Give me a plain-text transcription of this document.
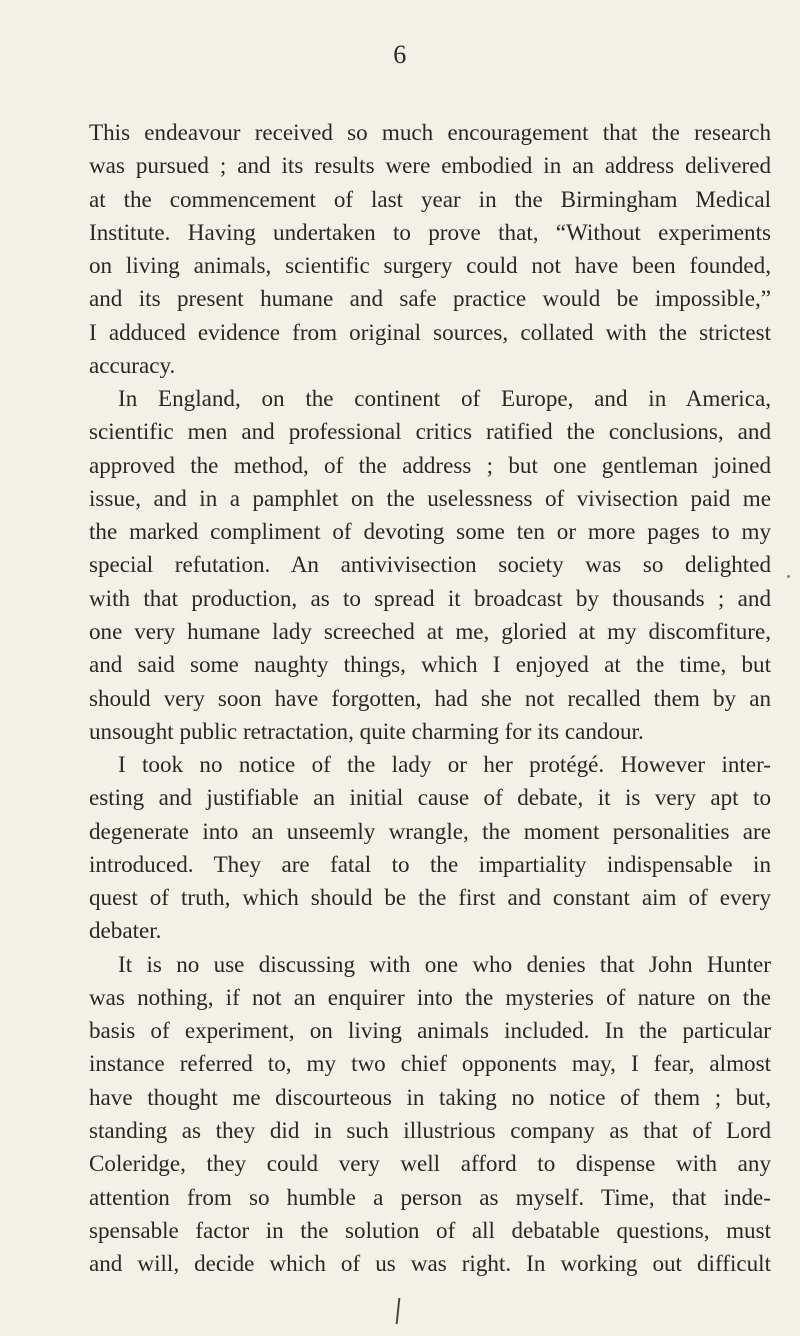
6
This endeavour received so much encouragement that the research
was pursued ; and its results were embodied in an address delivered
at the commencement of last year in the Birmingham Medical
Institute. Having undertaken to prove that, “Without experiments
on living animals, scientific surgery could not have been founded,
and its present humane and safe practice would be impossible,”
I adduced evidence from original sources, collated with the strictest
accuracy.
In England, on the continent of Europe, and in America,
scientific men and professional critics ratified the conclusions, and
approved the method, of the address ; but one gentleman joined
issue, and in a pamphlet on the uselessness of vivisection paid me
the marked compliment of devoting some ten or more pages to my
special refutation. An antivivisection society was so delighted
with that production, as to spread it broadcast by thousands ; and
one very humane lady screeched at me, gloried at my discomfiture,
and said some naughty things, which I enjoyed at the time, but
should very soon have forgotten, had she not recalled them by an
unsought public retractation, quite charming for its candour.
I took no notice of the lady or her protégé. However inter-
esting and justifiable an initial cause of debate, it is very apt to
degenerate into an unseemly wrangle, the moment personalities are
introduced. They are fatal to the impartiality indispensable in
quest of truth, which should be the first and constant aim of every
debater.
It is no use discussing with one who denies that John Hunter
was nothing, if not an enquirer into the mysteries of nature on the
basis of experiment, on living animals included. In the particular
instance referred to, my two chief opponents may, I fear, almost
have thought me discourteous in taking no notice of them ; but,
standing as they did in such illustrious company as that of Lord
Coleridge, they could very well afford to dispense with any
attention from so humble a person as myself. Time, that inde-
spensable factor in the solution of all debatable questions, must
and will, decide which of us was right. In working out difficult
